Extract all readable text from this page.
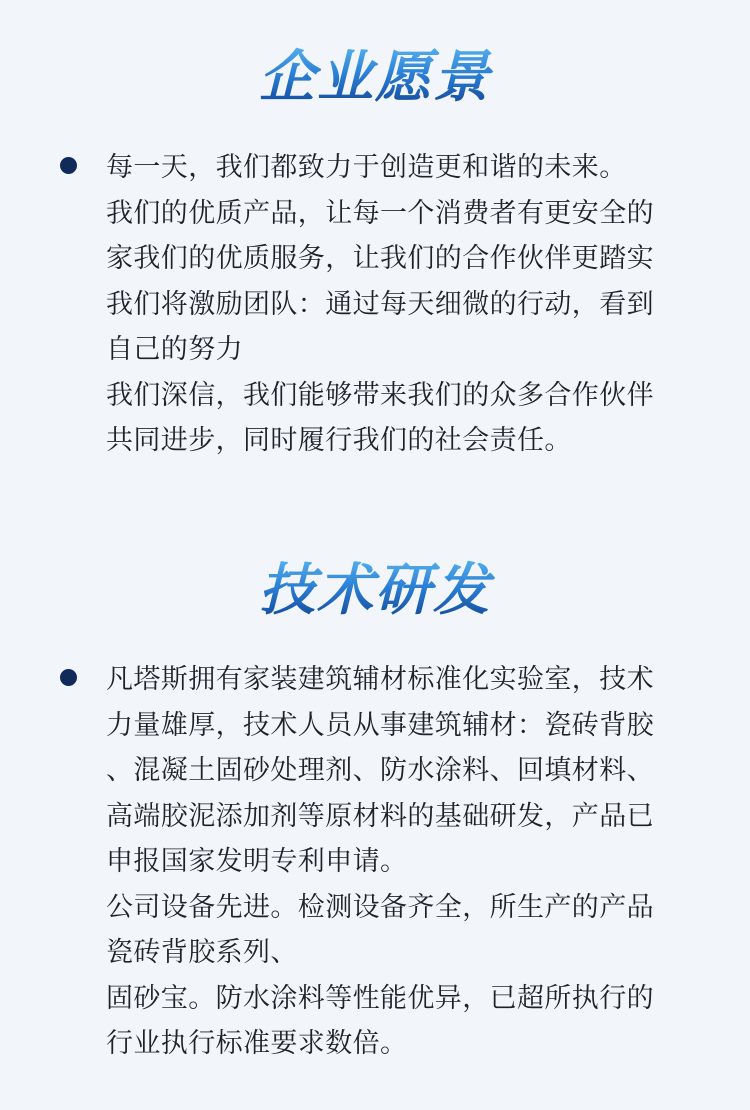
企业愿景
每一天，我们都致力于创造更和谐的未来。
我们的优质产品，让每一个消费者有更安全的
家我们的优质服务，让我们的合作伙伴更踏实
我们将激励团队：通过每天细微的行动，看到
自己的努力
我们深信，我们能够带来我们的众多合作伙伴
共同进步，同时履行我们的社会责任。
技术研发
凡塔斯拥有家装建筑辅材标准化实验室，技术
力量雄厚，技术人员从事建筑辅材：瓷砖背胶
、混凝土固砂处理剂、防水涂料、回填材料、
高端胶泥添加剂等原材料的基础研发，产品已
申报国家发明专利申请。
公司设备先进。检测设备齐全，所生产的产品
瓷砖背胶系列、
固砂宝。防水涂料等性能优异，已超所执行的
行业执行标准要求数倍。
